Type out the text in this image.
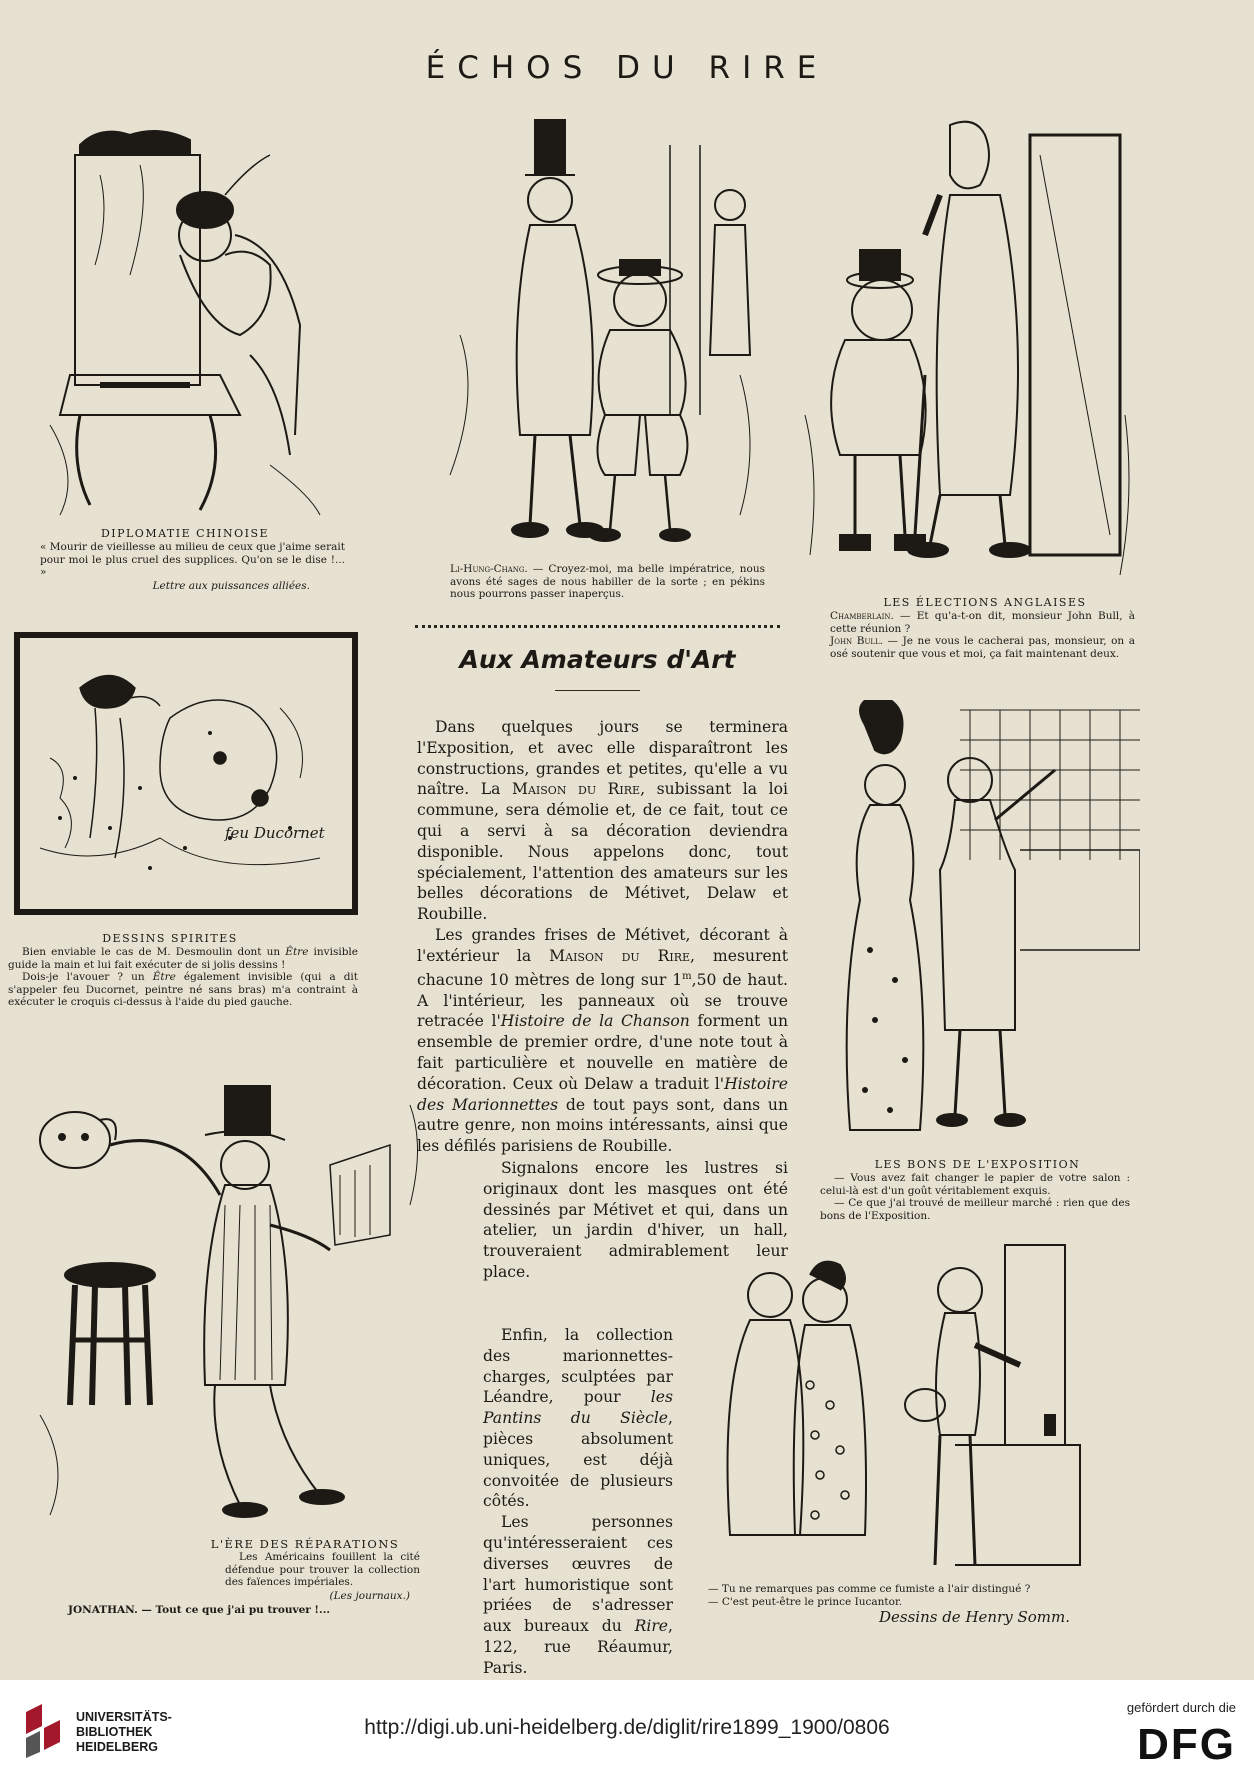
ÉCHOS DU RIRE
DIPLOMATIE CHINOISE
« Mourir de vieillesse au milieu de ceux que j'aime serait pour moi le plus cruel des supplices. Qu'on se le dise !... »
Lettre aux puissances alliées.
Li-Hung-Chang. — Croyez-moi, ma belle impératrice, nous avons été sages de nous habiller de la sorte ; en pékins nous pourrons passer inaperçus.
LES ÉLECTIONS ANGLAISES

Chamberlain. — Et qu'a-t-on dit, monsieur John Bull, à cette réunion ?

John Bull. — Je ne vous le cacherai pas, monsieur, on a osé soutenir que vous et moi, ça fait maintenant deux.

feu Ducornet
DESSINS SPIRITES

Bien enviable le cas de M. Desmoulin dont un Être invisible guide la main et lui fait exécuter de si jolis dessins !

Dois-je l'avouer ? un Être également invisible (qui a dit s'appeler feu Ducornet, peintre né sans bras) m'a contraint à exécuter le croquis ci-dessus à l'aide du pied gauche.

Aux Amateurs d'Art

Dans quelques jours se terminera l'Exposition, et avec elle disparaîtront les constructions, grandes et petites, qu'elle a vu naître. La Maison du Rire, subissant la loi commune, sera démolie et, de ce fait, tout ce qui a servi à sa décoration deviendra disponible. Nous appelons donc, tout spécialement, l'attention des amateurs sur les belles décorations de Métivet, Delaw et Roubille.

Les grandes frises de Métivet, décorant à l'extérieur la Maison du Rire, mesurent chacune 10 mètres de long sur 1$^m$,50 de haut. A l'intérieur, les panneaux où se trouve retracée l'Histoire de la Chanson forment un ensemble de premier ordre, d'une note tout à fait particulière et nouvelle en matière de décoration. Ceux où Delaw a traduit l'Histoire des Marionnettes de tout pays sont, dans un autre genre, non moins intéressants, ainsi que les défilés parisiens de Roubille.

Signalons encore les lustres si originaux dont les masques ont été dessinés par Métivet et qui, dans un atelier, un jardin d'hiver, un hall, trouveraient admirablement leur place.

Enfin, la collection des marionnettes-charges, sculptées par Léandre, pour les Pantins du Siècle, pièces absolument uniques, est déjà convoitée de plusieurs côtés.

Les personnes qu'intéresseraient ces diverses œuvres de l'art humoristique sont priées de s'adresser aux bureaux du Rire, 122, rue Réaumur, Paris.

LES BONS DE L'EXPOSITION

— Vous avez fait changer le papier de votre salon : celui-là est d'un goût véritablement exquis.

— Ce que j'ai trouvé de meilleur marché : rien que des bons de l'Exposition.

L'ÈRE DES RÉPARATIONS
Les Américains fouillent la cité défendue pour trouver la collection des faïences impériales.
(Les journaux.)
JONATHAN. — Tout ce que j'ai pu trouver !...

— Tu ne remarques pas comme ce fumiste a l'air distingué ?

— C'est peut-être le prince Iucantor.

Dessins de Henry Somm.
UNIVERSITÄTS-
BIBLIOTHEK
HEIDELBERG
http://digi.ub.uni-heidelberg.de/diglit/rire1899_1900/0806
gefördert durch die
DFG
